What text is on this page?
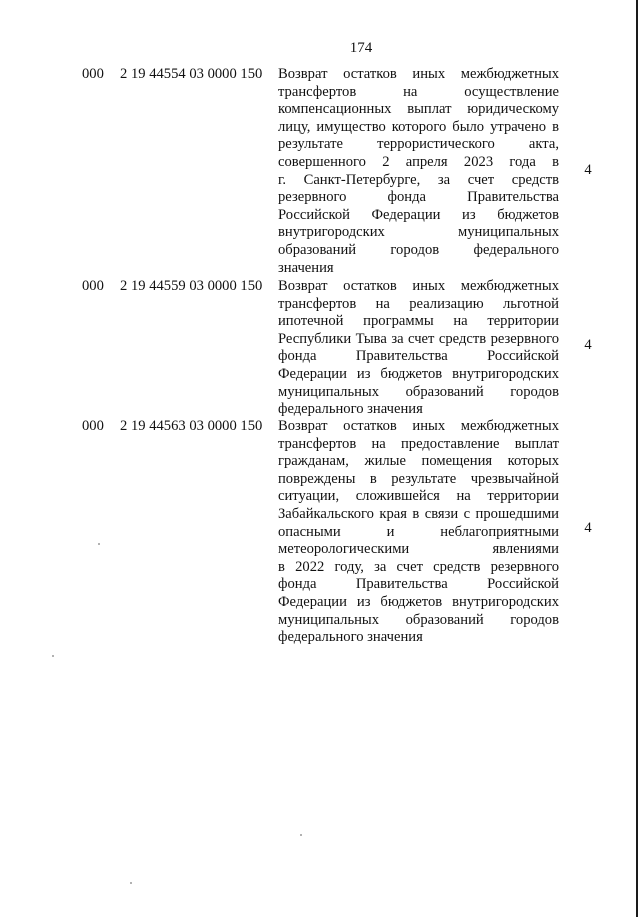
174
000 2 19 44554 03 0000 150 Возврат остатков иных межбюджетных
трансфертов на осуществление
компенсационных выплат юридическому
лицу, имущество которого было утрачено в
результате террористического акта,
совершенного 2 апреля 2023 года в
г. Санкт-Петербурге, за счет средств
резервного фонда Правительства
Российской Федерации из бюджетов
внутригородских муниципальных
образований городов федерального
значения
4
000 2 19 44559 03 0000 150 Возврат остатков иных межбюджетных
трансфертов на реализацию льготной
ипотечной программы на территории
Республики Тыва за счет средств резервного
фонда Правительства Российской
Федерации из бюджетов внутригородских
муниципальных образований городов
федерального значения
4
000 2 19 44563 03 0000 150 Возврат остатков иных межбюджетных
трансфертов на предоставление выплат
гражданам, жилые помещения которых
повреждены в результате чрезвычайной
ситуации, сложившейся на территории
Забайкальского края в связи с прошедшими
опасными и неблагоприятными
метеорологическими явлениями
в 2022 году, за счет средств резервного
фонда Правительства Российской
Федерации из бюджетов внутригородских
муниципальных образований городов
федерального значения
4
